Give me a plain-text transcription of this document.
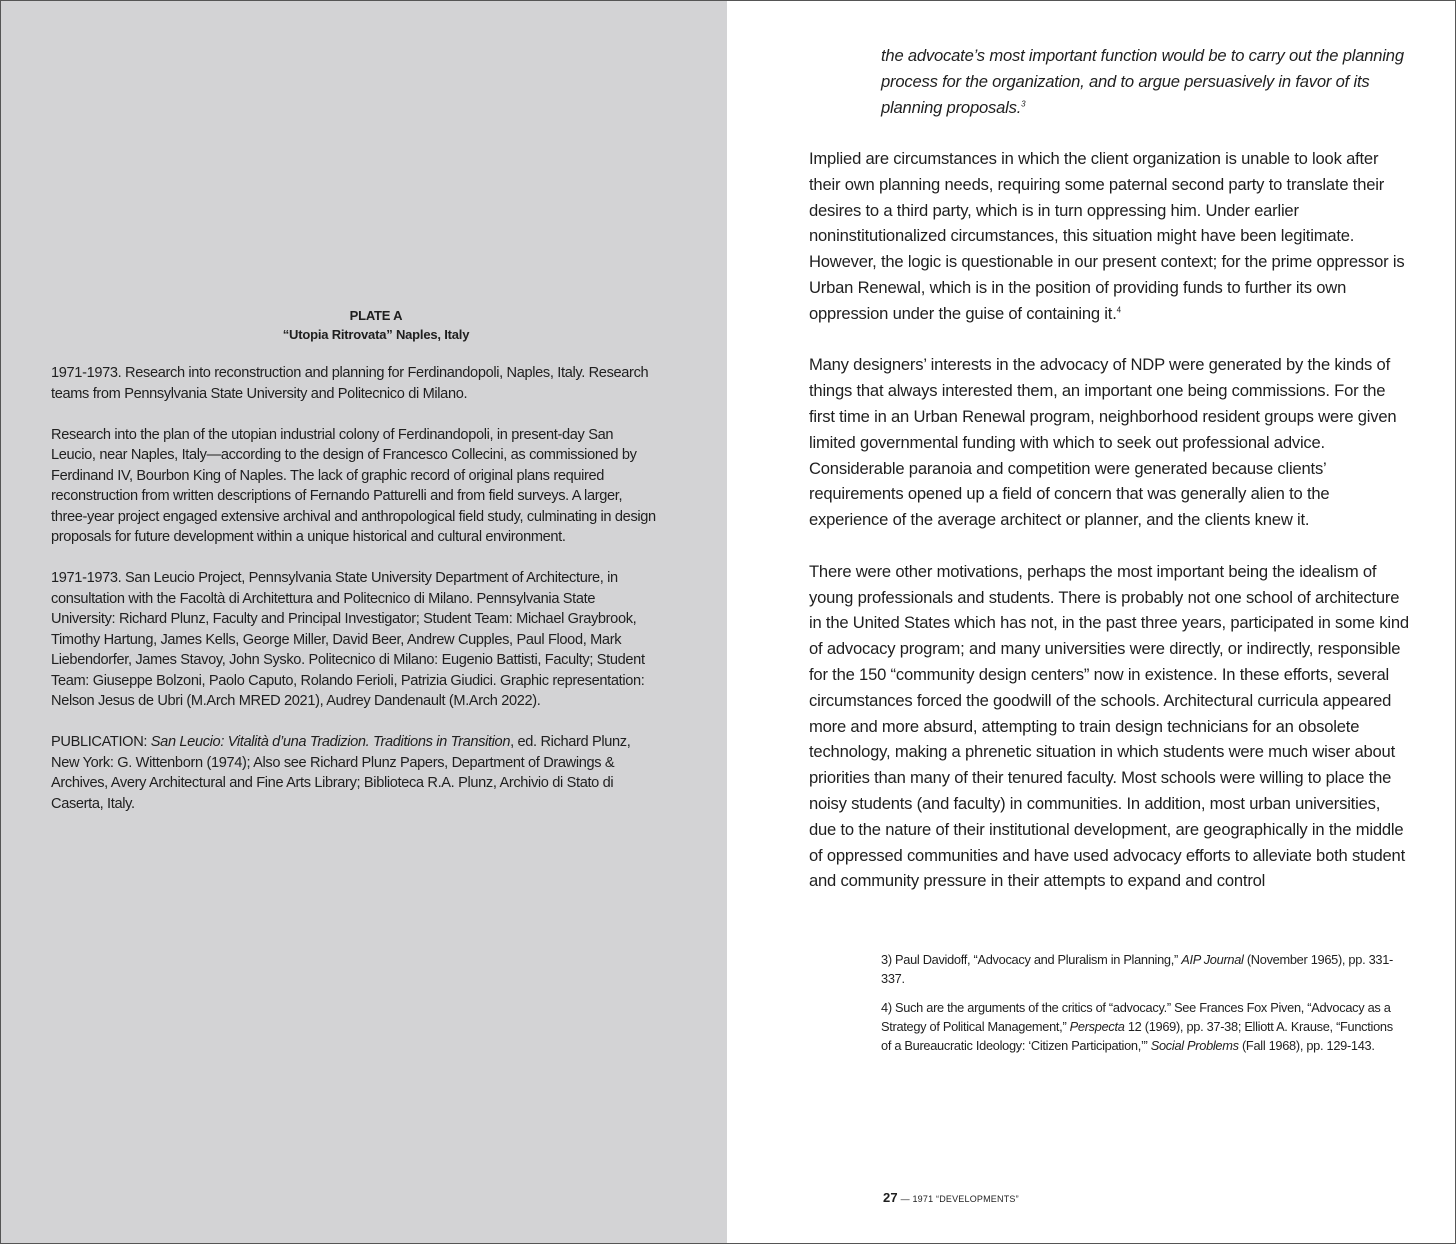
PLATE A
“Utopia Ritrovata” Naples, Italy

1971-1973. Research into reconstruction and planning for Ferdinandopoli, Naples, Italy. Research teams from Pennsylvania State University and Politecnico di Milano.

Research into the plan of the utopian industrial colony of Ferdinandopoli, in present-day San Leucio, near Naples, Italy—according to the design of Francesco Collecini, as commissioned by Ferdinand IV, Bourbon King of Naples. The lack of graphic record of original plans required reconstruction from written descriptions of Fernando Patturelli and from field surveys. A larger, three-year project engaged extensive archival and anthropological field study, culminating in design proposals for future development within a unique historical and cultural environment.

1971-1973. San Leucio Project, Pennsylvania State University Department of Architecture, in consultation with the Facoltà di Architettura and Politecnico di Milano. Pennsylvania State University: Richard Plunz, Faculty and Principal Investigator; Student Team: Michael Graybrook, Timothy Hartung, James Kells, George Miller, David Beer, Andrew Cupples, Paul Flood, Mark Liebendorfer, James Stavoy, John Sysko. Politecnico di Milano: Eugenio Battisti, Faculty; Student Team: Giuseppe Bolzoni, Paolo Caputo, Rolando Ferioli, Patrizia Giudici. Graphic representation: Nelson Jesus de Ubri (M.Arch MRED 2021), Audrey Dandenault (M.Arch 2022).

PUBLICATION: San Leucio: Vitalità d’una Tradizion. Traditions in Transition, ed. Richard Plunz, New York: G. Wittenborn (1974); Also see Richard Plunz Papers, Department of Drawings & Archives, Avery Architectural and Fine Arts Library; Biblioteca R.A. Plunz, Archivio di Stato di Caserta, Italy.

the advocate’s most important function would be to carry out the planning process for the organization, and to argue persuasively in favor of its planning proposals.$^3$

Implied are circumstances in which the client organization is unable to look after their own planning needs, requiring some paternal second party to translate their desires to a third party, which is in turn oppressing him. Under earlier noninstitutionalized circumstances, this situation might have been legitimate. However, the logic is questionable in our present context; for the prime oppressor is Urban Renewal, which is in the position of providing funds to further its own oppression under the guise of containing it.$^4$

Many designers’ interests in the advocacy of NDP were generated by the kinds of things that always interested them, an important one being commissions. For the first time in an Urban Renewal program, neighborhood resident groups were given limited governmental funding with which to seek out professional advice. Considerable paranoia and competition were generated because clients’ requirements opened up a field of concern that was generally alien to the experience of the average architect or planner, and the clients knew it.

There were other motivations, perhaps the most important being the idealism of young professionals and students. There is probably not one school of architecture in the United States which has not, in the past three years, participated in some kind of advocacy program; and many universities were directly, or indirectly, responsible for the 150 “community design centers” now in existence. In these efforts, several circumstances forced the goodwill of the schools. Architectural curricula appeared more and more absurd, attempting to train design technicians for an obsolete technology, making a phrenetic situation in which students were much wiser about priorities than many of their tenured faculty. Most schools were willing to place the noisy students (and faculty) in communities. In addition, most urban universities, due to the nature of their institutional development, are geographically in the middle of oppressed communities and have used advocacy efforts to alleviate both student and community pressure in their attempts to expand and control

3) Paul Davidoff, “Advocacy and Pluralism in Planning,” AIP Journal (November 1965), pp. 331-337.

4) Such are the arguments of the critics of “advocacy.” See Frances Fox Piven, “Advocacy as a Strategy of Political Management,” Perspecta 12 (1969), pp. 37-38; Elliott A. Krause, “Functions of a Bureaucratic Ideology: ‘Citizen Participation,’” Social Problems (Fall 1968), pp. 129-143.

27 — 1971 “DEVELOPMENTS”
